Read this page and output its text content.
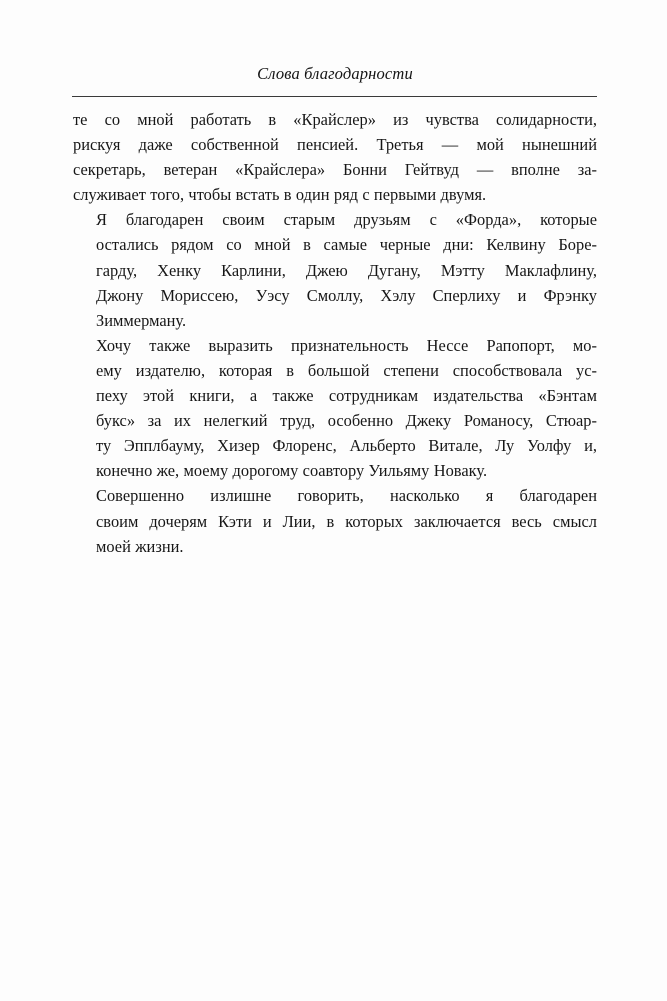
Слова благодарности

те со мной работать в «Крайслер» из чувства солидарности,
рискуя даже собственной пенсией. Третья — мой нынешний
секретарь, ветеран «Крайслера» Бонни Гейтвуд — вполне за-
служивает того, чтобы встать в один ряд с первыми двумя.

Я благодарен своим старым друзьям с «Форда», которые
остались рядом со мной в самые черные дни: Келвину Боре-
гарду, Хенку Карлини, Джею Дугану, Мэтту Маклафлину,
Джону Мориссею, Уэсу Смоллу, Хэлу Сперлиху и Фрэнку
Зиммерману.

Хочу также выразить признательность Нессе Рапопорт, мо-
ему издателю, которая в большой степени способствовала ус-
пеху этой книги, а также сотрудникам издательства «Бэнтам
букс» за их нелегкий труд, особенно Джеку Романосу, Стюар-
ту Эпплбауму, Хизер Флоренс, Альберто Витале, Лу Уолфу и,
конечно же, моему дорогому соавтору Уильяму Новаку.

Совершенно излишне говорить, насколько я благодарен
своим дочерям Кэти и Лии, в которых заключается весь смысл
моей жизни.
